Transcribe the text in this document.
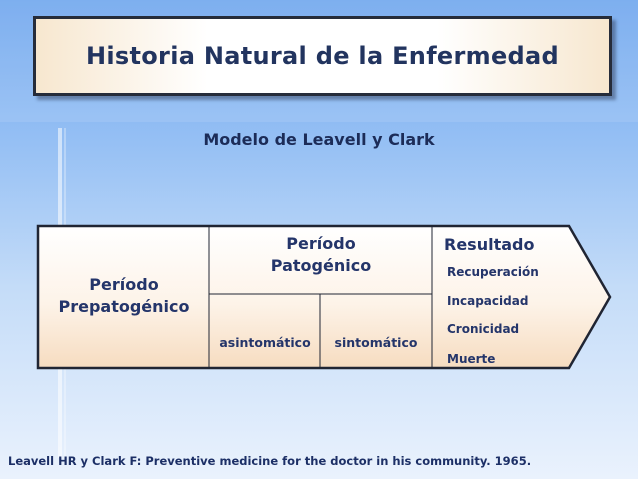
Historia Natural de la Enfermedad
Modelo de Leavell y Clark
Período
Prepatogénico
Período
Patogénico
asintomático	sintomático
Resultado
Recuperación
Incapacidad
Cronicidad
Muerte
Leavell HR y Clark F: Preventive medicine for the doctor in his community. 1965.
